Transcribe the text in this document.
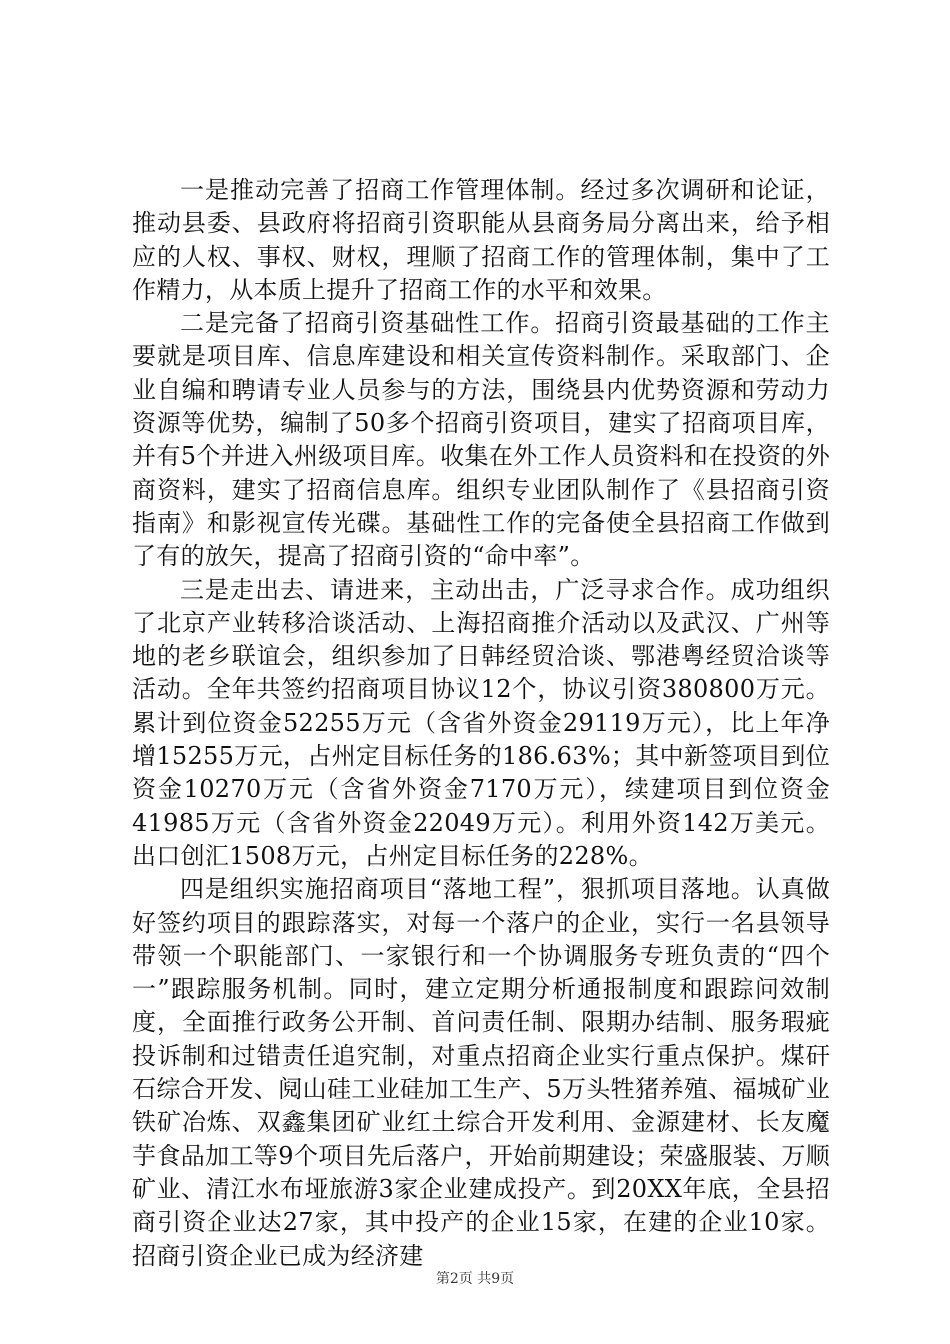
一是推动完善了招商工作管理体制。经过多次调研和论证，推动县委、县政府将招商引资职能从县商务局分离出来，给予相应的人权、事权、财权，理顺了招商工作的管理体制，集中了工作精力，从本质上提升了招商工作的水平和效果。

二是完备了招商引资基础性工作。招商引资最基础的工作主要就是项目库、信息库建设和相关宣传资料制作。采取部门、企业自编和聘请专业人员参与的方法，围绕县内优势资源和劳动力资源等优势，编制了50多个招商引资项目，建实了招商项目库，并有5个并进入州级项目库。收集在外工作人员资料和在投资的外商资料，建实了招商信息库。组织专业团队制作了《县招商引资指南》和影视宣传光碟。基础性工作的完备使全县招商工作做到了有的放矢，提高了招商引资的“命中率”。

三是走出去、请进来，主动出击，广泛寻求合作。成功组织了北京产业转移洽谈活动、上海招商推介活动以及武汉、广州等地的老乡联谊会，组织参加了日韩经贸洽谈、鄂港粤经贸洽谈等活动。全年共签约招商项目协议12个，协议引资380800万元。累计到位资金52255万元（含省外资金29119万元），比上年净增15255万元，占州定目标任务的186.63%；其中新签项目到位资金10270万元（含省外资金7170万元），续建项目到位资金41985万元（含省外资金22049万元）。利用外资142万美元。出口创汇1508万元，占州定目标任务的228%。

四是组织实施招商项目“落地工程”，狠抓项目落地。认真做好签约项目的跟踪落实，对每一个落户的企业，实行一名县领导带领一个职能部门、一家银行和一个协调服务专班负责的“四个一”跟踪服务机制。同时，建立定期分析通报制度和跟踪问效制度，全面推行政务公开制、首问责任制、限期办结制、服务瑕疵投诉制和过错责任追究制，对重点招商企业实行重点保护。煤矸石综合开发、阋山硅工业硅加工生产、5万头牲猪养殖、福城矿业铁矿冶炼、双鑫集团矿业红土综合开发利用、金源建材、长友魔芋食品加工等9个项目先后落户，开始前期建设；荣盛服装、万顺矿业、清江水布垭旅游3家企业建成投产。到20XX年底，全县招商引资企业达27家，其中投产的企业15家，在建的企业10家。招商引资企业已成为经济建

第2页 共9页
